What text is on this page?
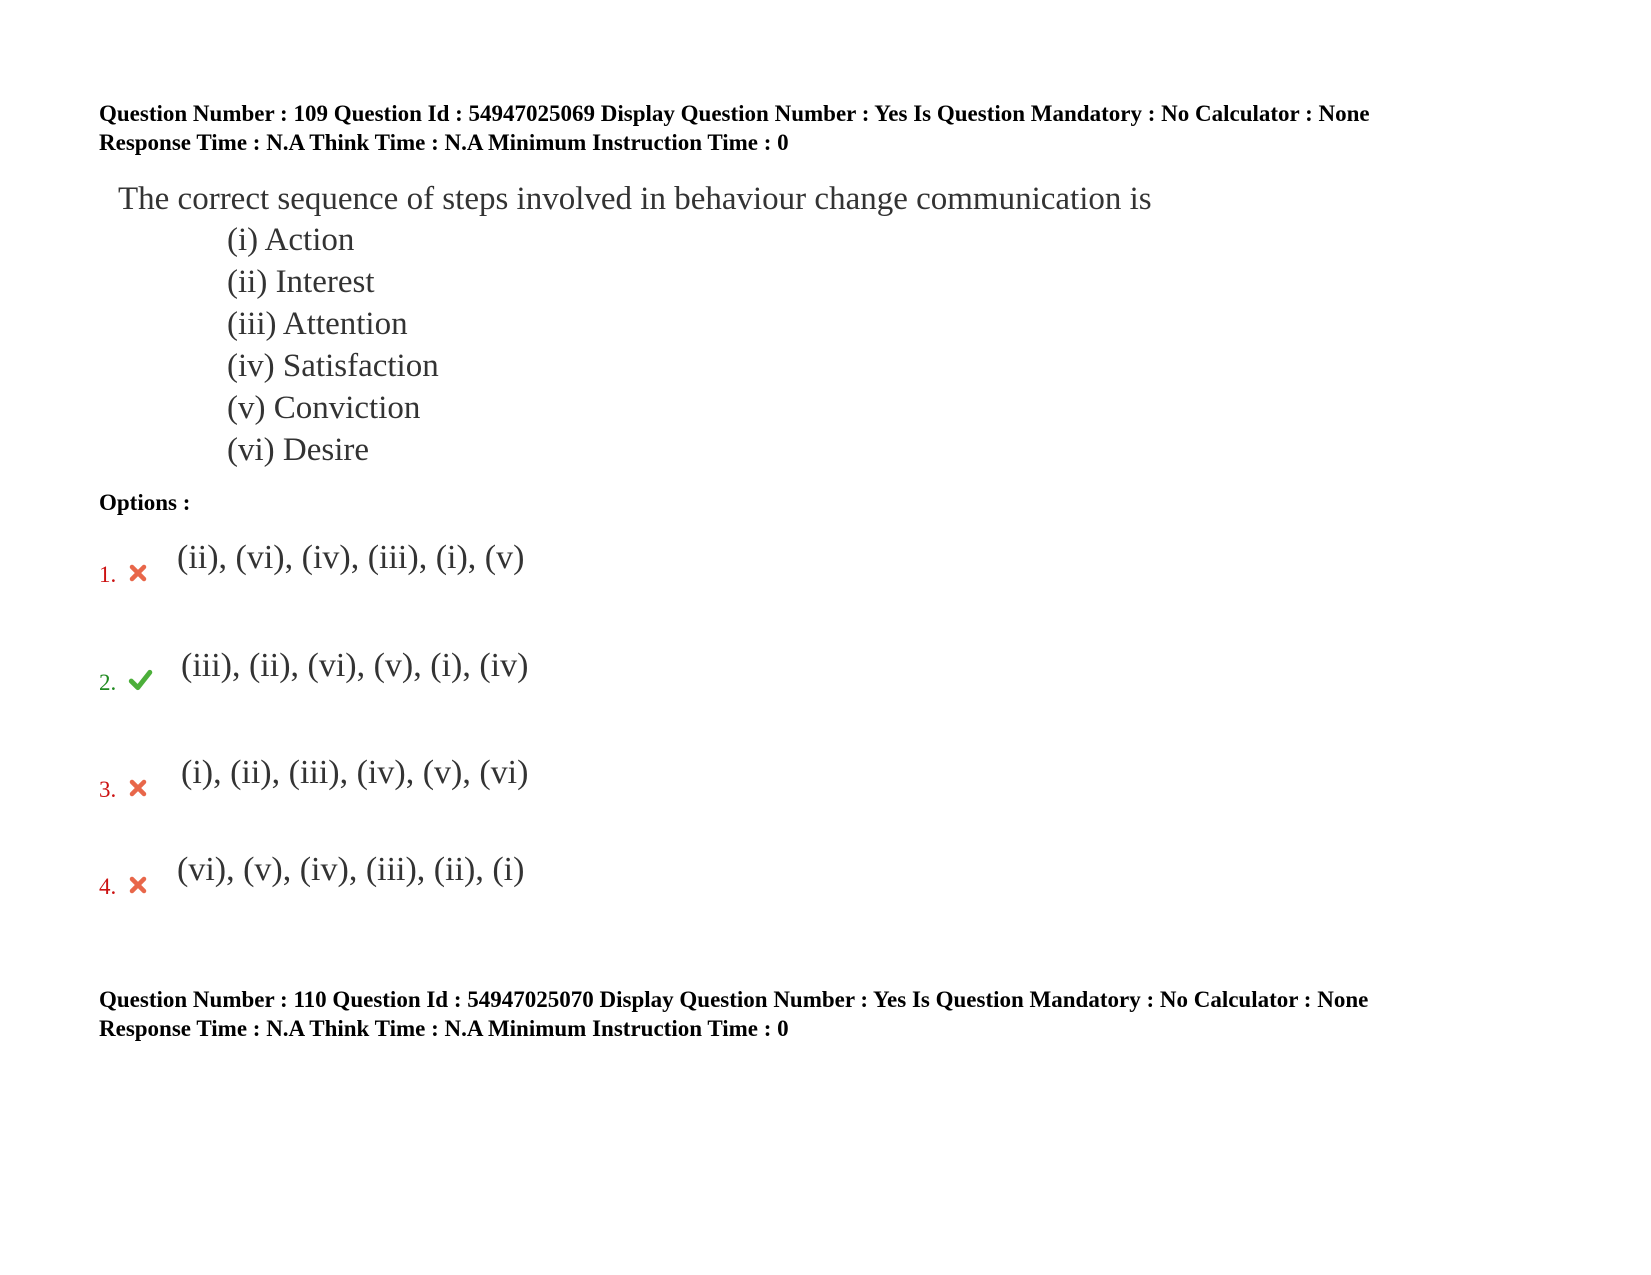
Question Number : 109 Question Id : 54947025069 Display Question Number : Yes Is Question Mandatory : No Calculator : None
Response Time : N.A Think Time : N.A Minimum Instruction Time : 0
The correct sequence of steps involved in behaviour change communication is
(i) Action
(ii) Interest
(iii) Attention
(iv) Satisfaction
(v) Conviction
(vi) Desire
Options :
1. (ii), (vi), (iv), (iii), (i), (v)
2. (iii), (ii), (vi), (v), (i), (iv)
3. (i), (ii), (iii), (iv), (v), (vi)
4. (vi), (v), (iv), (iii), (ii), (i)
Question Number : 110 Question Id : 54947025070 Display Question Number : Yes Is Question Mandatory : No Calculator : None
Response Time : N.A Think Time : N.A Minimum Instruction Time : 0
